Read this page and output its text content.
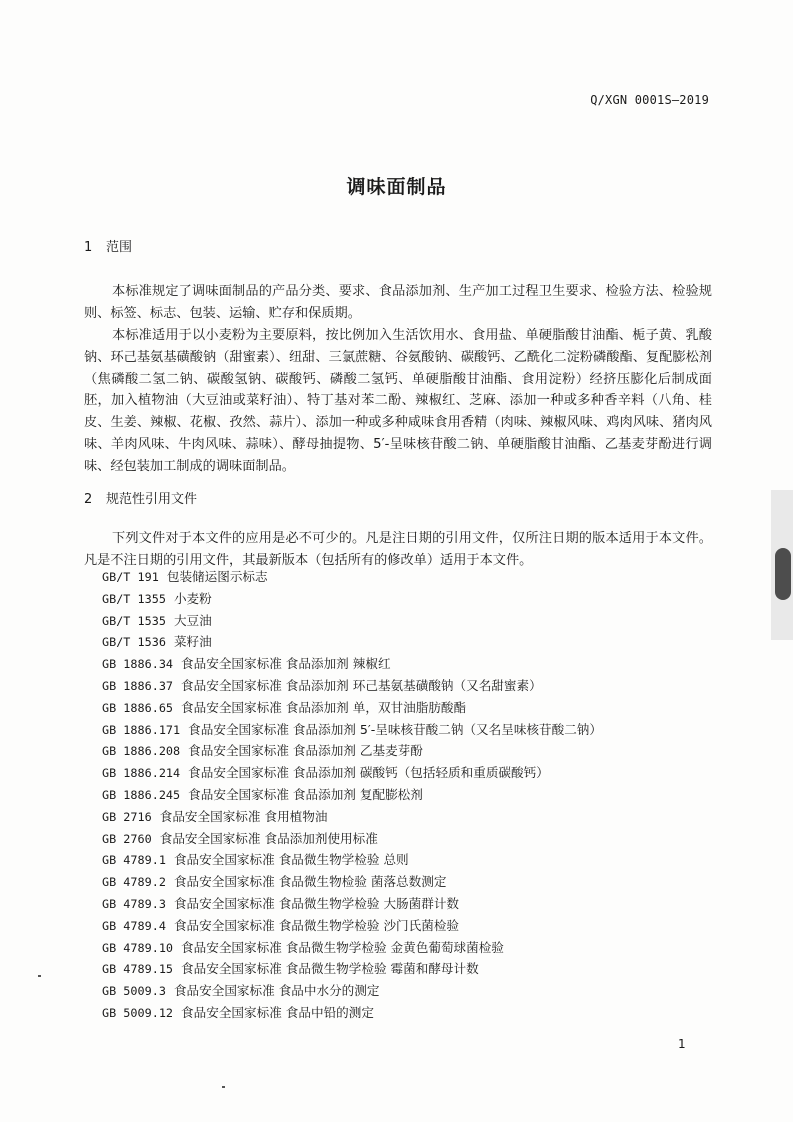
Q/XGN 0001S—2019
调味面制品
1 范围

本标准规定了调味面制品的产品分类、要求、食品添加剂、生产加工过程卫生要求、检验方法、检验规则、标签、标志、包装、运输、贮存和保质期。

本标准适用于以小麦粉为主要原料，按比例加入生活饮用水、食用盐、单硬脂酸甘油酯、栀子黄、乳酸钠、环己基氨基磺酸钠（甜蜜素）、纽甜、三氯蔗糖、谷氨酸钠、碳酸钙、乙酰化二淀粉磷酸酯、复配膨松剂（焦磷酸二氢二钠、碳酸氢钠、碳酸钙、磷酸二氢钙、单硬脂酸甘油酯、食用淀粉）经挤压膨化后制成面胚，加入植物油（大豆油或菜籽油）、特丁基对苯二酚、辣椒红、芝麻、添加一种或多种香辛料（八角、桂皮、生姜、辣椒、花椒、孜然、蒜片）、添加一种或多种咸味食用香精（肉味、辣椒风味、鸡肉风味、猪肉风味、羊肉风味、牛肉风味、蒜味）、酵母抽提物、5′-呈味核苷酸二钠、单硬脂酸甘油酯、乙基麦芽酚进行调味、经包装加工制成的调味面制品。

2 规范性引用文件

下列文件对于本文件的应用是必不可少的。凡是注日期的引用文件，仅所注日期的版本适用于本文件。凡是不注日期的引用文件，其最新版本（包括所有的修改单）适用于本文件。

GB/T 191 包装储运图示标志
GB/T 1355 小麦粉
GB/T 1535 大豆油
GB/T 1536 菜籽油
GB 1886.34 食品安全国家标准 食品添加剂 辣椒红
GB 1886.37 食品安全国家标准 食品添加剂 环己基氨基磺酸钠（又名甜蜜素）
GB 1886.65 食品安全国家标准 食品添加剂 单，双甘油脂肪酸酯
GB 1886.171 食品安全国家标准 食品添加剂 5′-呈味核苷酸二钠（又名呈味核苷酸二钠）
GB 1886.208 食品安全国家标准 食品添加剂 乙基麦芽酚
GB 1886.214 食品安全国家标准 食品添加剂 碳酸钙（包括轻质和重质碳酸钙）
GB 1886.245 食品安全国家标准 食品添加剂 复配膨松剂
GB 2716 食品安全国家标准 食用植物油
GB 2760 食品安全国家标准 食品添加剂使用标准
GB 4789.1 食品安全国家标准 食品微生物学检验 总则
GB 4789.2 食品安全国家标准 食品微生物检验 菌落总数测定
GB 4789.3 食品安全国家标准 食品微生物学检验 大肠菌群计数
GB 4789.4 食品安全国家标准 食品微生物学检验 沙门氏菌检验
GB 4789.10 食品安全国家标准 食品微生物学检验 金黄色葡萄球菌检验
GB 4789.15 食品安全国家标准 食品微生物学检验 霉菌和酵母计数
GB 5009.3 食品安全国家标准 食品中水分的测定
GB 5009.12 食品安全国家标准 食品中铅的测定
1
